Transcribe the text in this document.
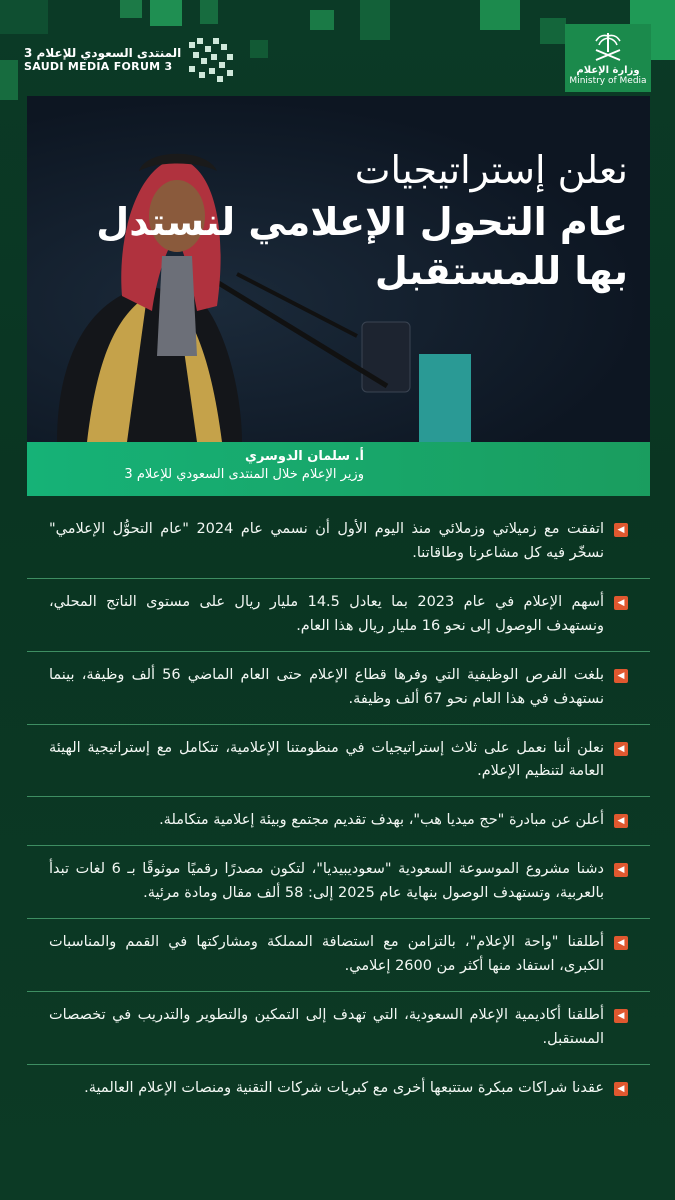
المنتدى السعودي للإعلام 3
SAUDI MEDIA FORUM 3	وزارة الإعلام
Ministry of Media
نعلن إستراتيجيات
عام التحول الإعلامي لنستدل
بها للمستقبل
أ. سلمان الدوسري
وزير الإعلام خلال المنتدى السعودي للإعلام 3
◀
اتفقت مع زميلاتي وزملائي منذ اليوم الأول أن نسمي عام 2024 "عام التحوُّل الإعلامي" نسخّر فيه كل مشاعرنا وطاقاتنا.
◀
أسهم الإعلام في عام 2023 بما يعادل 14.5 مليار ريال على مستوى الناتج المحلي، ونستهدف الوصول إلى نحو 16 مليار ريال هذا العام.
◀
بلغت الفرص الوظيفية التي وفرها قطاع الإعلام حتى العام الماضي 56 ألف وظيفة، بينما نستهدف في هذا العام نحو 67 ألف وظيفة.
◀
نعلن أننا نعمل على ثلاث إستراتيجيات في منظومتنا الإعلامية، تتكامل مع إستراتيجية الهيئة العامة لتنظيم الإعلام.
◀
أعلن عن مبادرة "حج ميديا هب"، بهدف تقديم مجتمع وبيئة إعلامية متكاملة.
◀
دشنا مشروع الموسوعة السعودية "سعوديبيديا"، لتكون مصدرًا رقميًا موثوقًا بـ 6 لغات تبدأ بالعربية، وتستهدف الوصول بنهاية عام 2025 إلى: 58 ألف مقال ومادة مرئية.
◀
أطلقنا "واحة الإعلام"، بالتزامن مع استضافة المملكة ومشاركتها في القمم والمناسبات الكبرى، استفاد منها أكثر من 2600 إعلامي.
◀
أطلقنا أكاديمية الإعلام السعودية، التي تهدف إلى التمكين والتطوير والتدريب في تخصصات المستقبل.
◀
عقدنا شراكات مبكرة ستتبعها أخرى مع كبريات شركات التقنية ومنصات الإعلام العالمية.
